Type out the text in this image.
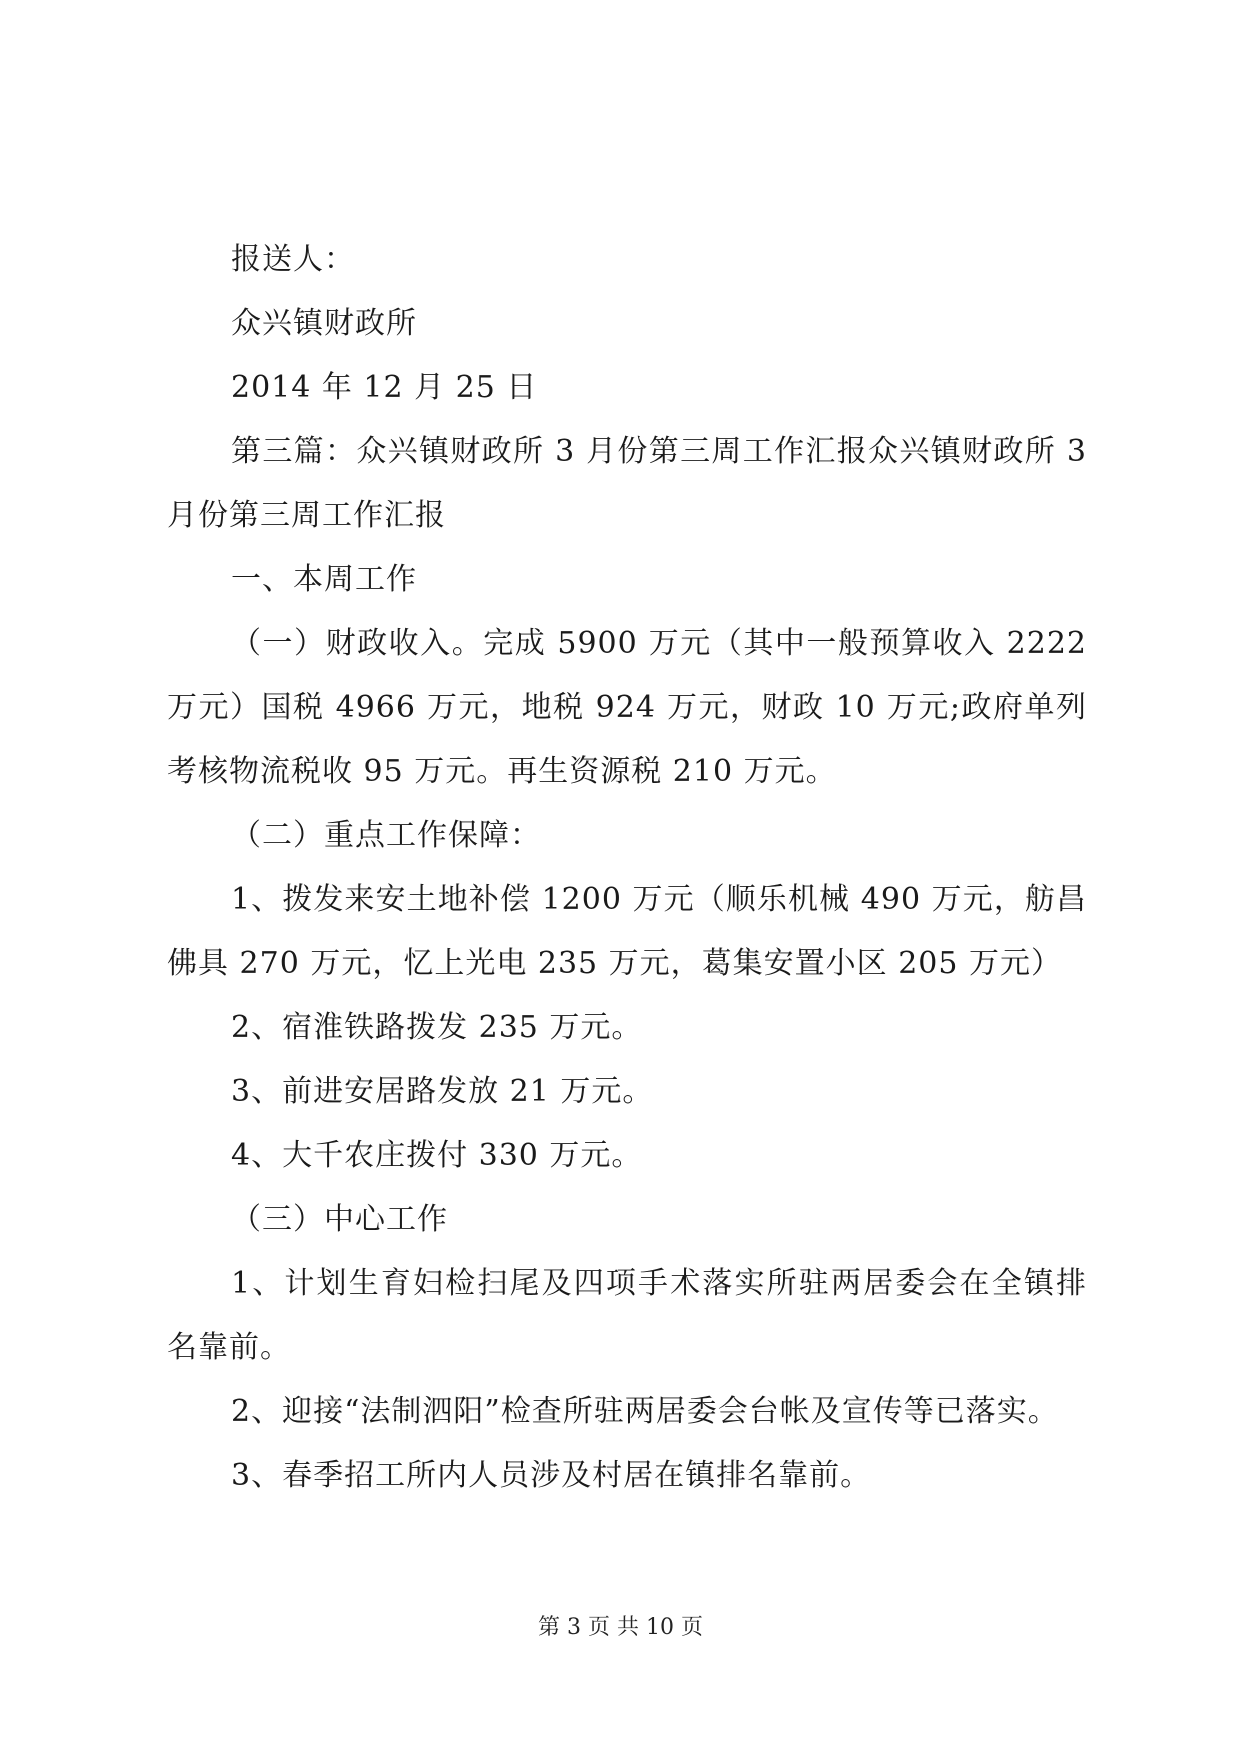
报送人：

众兴镇财政所

2014 年 12 月 25 日

第三篇：众兴镇财政所 3 月份第三周工作汇报众兴镇财政所 3 月份第三周工作汇报

一、本周工作

（一）财政收入。完成 5900 万元（其中一般预算收入 2222 万元）国税 4966 万元，地税 924 万元，财政 10 万元;政府单列考核物流税收 95 万元。再生资源税 210 万元。

（二）重点工作保障：

1、拨发来安土地补偿 1200 万元（顺乐机械 490 万元，舫昌佛具 270 万元，忆上光电 235 万元，葛集安置小区 205 万元）

2、宿淮铁路拨发 235 万元。

3、前进安居路发放 21 万元。

4、大千农庄拨付 330 万元。

（三）中心工作

1、计划生育妇检扫尾及四项手术落实所驻两居委会在全镇排名靠前。

2、迎接“法制泗阳”检查所驻两居委会台帐及宣传等已落实。

3、春季招工所内人员涉及村居在镇排名靠前。

第 3 页 共 10 页
